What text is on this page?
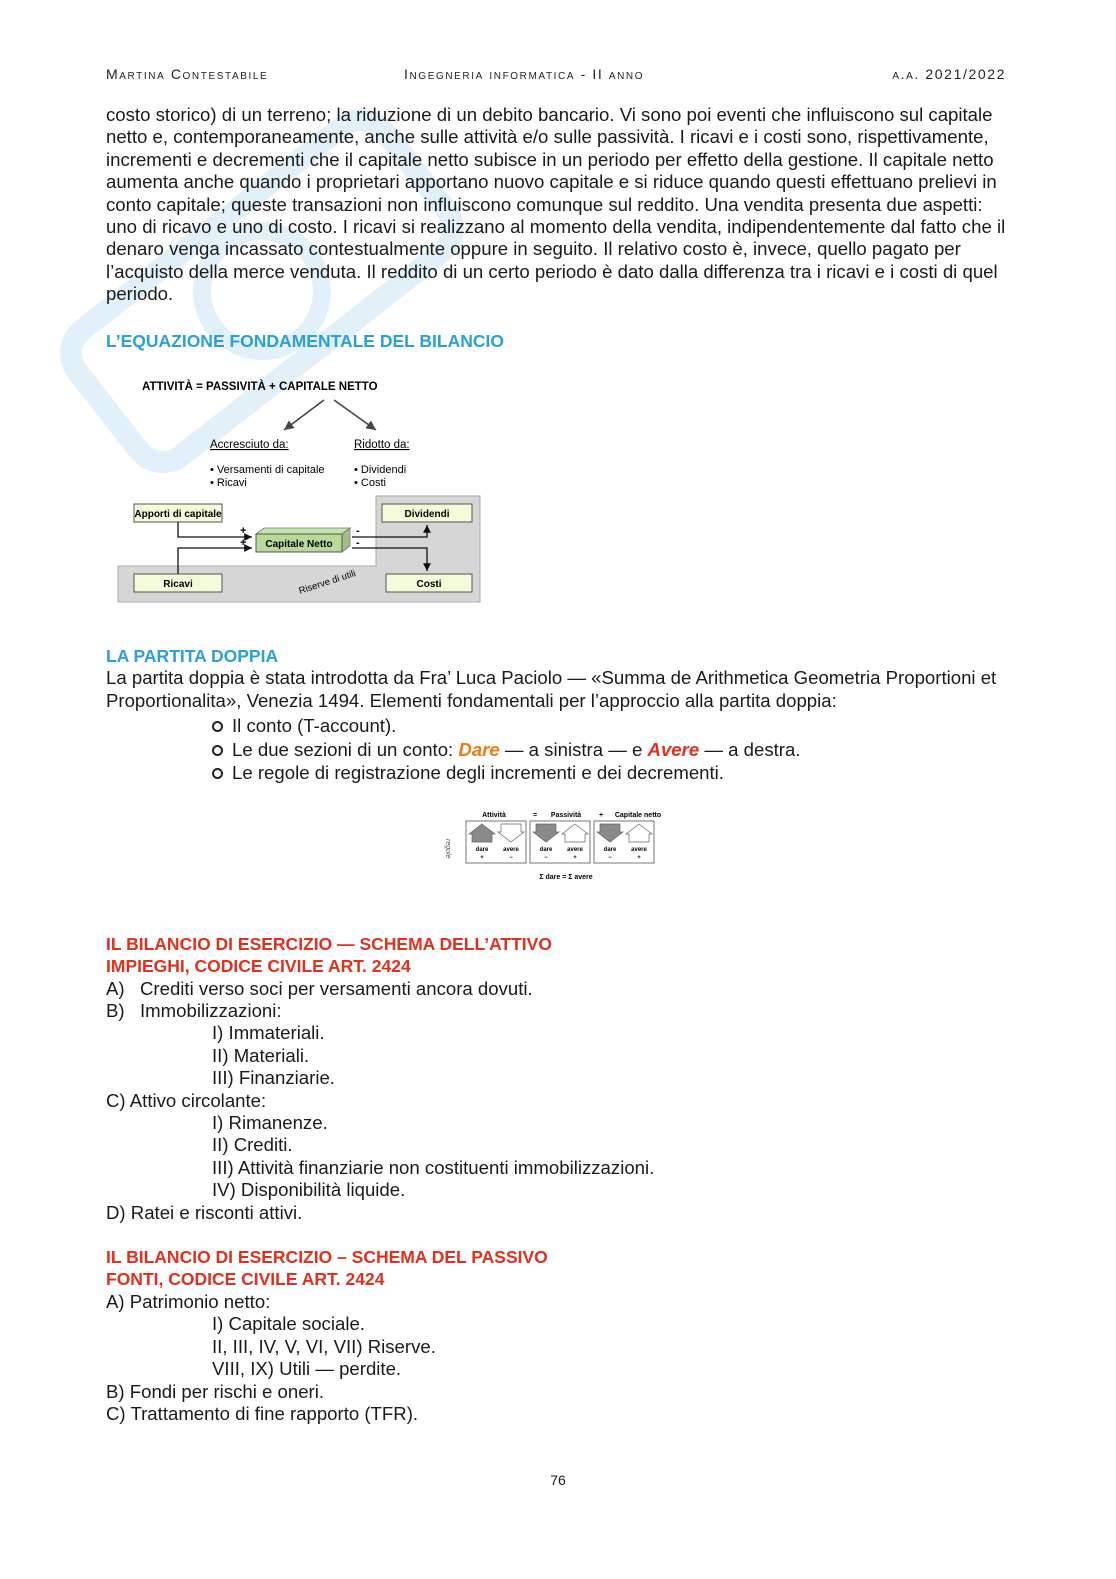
Martina Contestabile	Ingegneria informatica - II anno	a.a. 2021/2022

costo storico) di un terreno; la riduzione di un debito bancario. Vi sono poi eventi che influiscono sul capitale netto e, contemporaneamente, anche sulle attività e/o sulle passività. I ricavi e i costi sono, rispettivamente, incrementi e decrementi che il capitale netto subisce in un periodo per effetto della gestione. Il capitale netto aumenta anche quando i proprietari apportano nuovo capitale e si riduce quando questi effettuano prelievi in conto capitale; queste transazioni non influiscono comunque sul reddito. Una vendita presenta due aspetti: uno di ricavo e uno di costo. I ricavi si realizzano al momento della vendita, indipendentemente dal fatto che il denaro venga incassato contestualmente oppure in seguito. Il relativo costo è, invece, quello pagato per l’acquisto della merce venduta. Il reddito di un certo periodo è dato dalla differenza tra i ricavi e i costi di quel periodo.

L’EQUAZIONE FONDAMENTALE DEL BILANCIO
ATTIVITÀ = PASSIVITÀ + CAPITALE NETTO
Accresciuto da:
• Versamenti di capitale
• Ricavi
Ridotto da:
• Dividendi
• Costi
Apporti di capitale	Dividendi
Ricavi	Costi
Capitale Netto
+
+
-
-
Riserve di utili
LA PARTITA DOPPIA

La partita doppia è stata introdotta da Fra’ Luca Paciolo — «Summa de Arithmetica Geometria Proportioni et Proportionalita», Venezia 1494. Elementi fondamentali per l’approccio alla partita doppia:

Il conto (T-account).
Le due sezioni di un conto: Dare — a sinistra — e Avere — a destra.
Le regole di registrazione degli incrementi e dei decrementi.
regole
Attività	= Passività	+ Capitale netto
dare
+
avere
−
dare
−
avere
+
dare
−
avere
+
Σ dare = Σ avere
IL BILANCIO DI ESERCIZIO — SCHEMA DELL’ATTIVO
IMPIEGHI, CODICE CIVILE ART. 2424

A) Crediti verso soci per versamenti ancora dovuti.

B) Immobilizzazioni:

I) Immateriali.

II) Materiali.

III) Finanziarie.

C) Attivo circolante:

I) Rimanenze.

II) Crediti.

III) Attività finanziarie non costituenti immobilizzazioni.

IV) Disponibilità liquide.

D) Ratei e risconti attivi.

IL BILANCIO DI ESERCIZIO – SCHEMA DEL PASSIVO
FONTI, CODICE CIVILE ART. 2424

A) Patrimonio netto:

I) Capitale sociale.

II, III, IV, V, VI, VII) Riserve.

VIII, IX) Utili — perdite.

B) Fondi per rischi e oneri.

C) Trattamento di fine rapporto (TFR).

76
